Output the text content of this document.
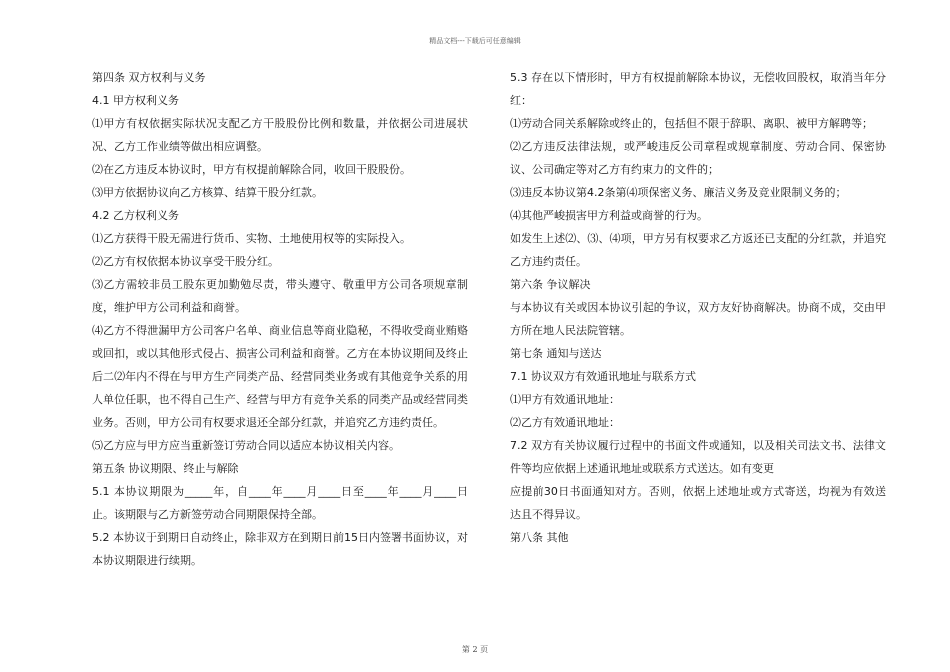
精品文档---下载后可任意编辑

第四条 双方权利与义务

4.1 甲方权利义务

⑴甲方有权依据实际状况支配乙方干股股份比例和数量，并依据公司进展状况、乙方工作业绩等做出相应调整。

⑵在乙方违反本协议时，甲方有权提前解除合同，收回干股股份。

⑶甲方依据协议向乙方核算、结算干股分红款。

4.2 乙方权利义务

⑴乙方获得干股无需进行货币、实物、土地使用权等的实际投入。

⑵乙方有权依据本协议享受干股分红。

⑶乙方需较非员工股东更加勤勉尽责，带头遵守、敬重甲方公司各项规章制度，维护甲方公司利益和商誉。

⑷乙方不得泄漏甲方公司客户名单、商业信息等商业隐秘，不得收受商业贿赂或回扣，或以其他形式侵占、损害公司利益和商誉。乙方在本协议期间及终止后二⑵年内不得在与甲方生产同类产品、经营同类业务或有其他竞争关系的用人单位任职，也不得自己生产、经营与甲方有竞争关系的同类产品或经营同类业务。否则，甲方公司有权要求退还全部分红款，并追究乙方违约责任。

⑸乙方应与甲方应当重新签订劳动合同以适应本协议相关内容。

第五条 协议期限、终止与解除

5.1 本协议期限为_____年，自____年____月____日至____年____月____日止。该期限与乙方新签劳动合同期限保持全部。

5.2 本协议于到期日自动终止，除非双方在到期日前15日内签署书面协议，对本协议期限进行续期。

5.3 存在以下情形时，甲方有权提前解除本协议，无偿收回股权，取消当年分红：

⑴劳动合同关系解除或终止的，包括但不限于辞职、离职、被甲方解聘等；

⑵乙方违反法律法规，或严峻违反公司章程或规章制度、劳动合同、保密协议、公司确定等对乙方有约束力的文件的；

⑶违反本协议第4.2条第⑷项保密义务、廉洁义务及竞业限制义务的；

⑷其他严峻损害甲方利益或商誉的行为。

如发生上述⑵、⑶、⑷项，甲方另有权要求乙方返还已支配的分红款，并追究乙方违约责任。

第六条 争议解决

与本协议有关或因本协议引起的争议，双方友好协商解决。协商不成，交由甲方所在地人民法院管辖。

第七条 通知与送达

7.1 协议双方有效通讯地址与联系方式

⑴甲方有效通讯地址：

⑵乙方有效通讯地址：

7.2 双方有关协议履行过程中的书面文件或通知，以及相关司法文书、法律文件等均应依据上述通讯地址或联系方式送达。如有变更

应提前30日书面通知对方。否则，依据上述地址或方式寄送，均视为有效送达且不得异议。

第八条 其他

第 2 页
